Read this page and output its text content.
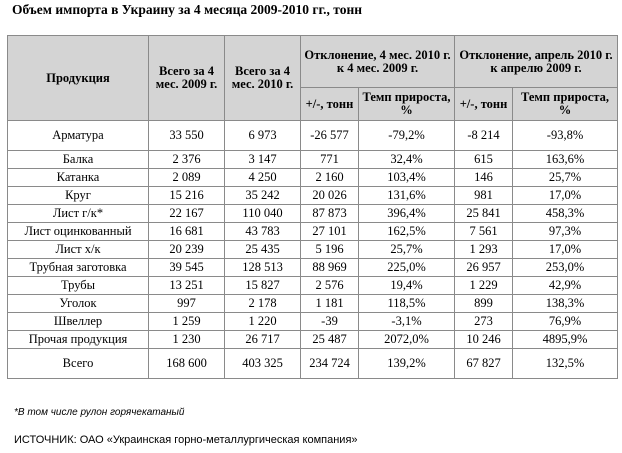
Объем импорта в Украину за 4 месяца 2009-2010 гг., тонн
Продукция	Всего за 4 мес. 2009 г.	Всего за 4 мес. 2010 г.	Отклонение, 4 мес. 2010 г. к 4 мес. 2009 г.		Отклонение, апрель 2010 г. к апрелю 2009 г.	
			+/-, тонн	Темп прироста, %	+/-, тонн	Темп прироста, %
Арматура	33 550	6 973	-26 577	-79,2%	-8 214	-93,8%
Балка	2 376	3 147	771	32,4%	615	163,6%
Катанка	2 089	4 250	2 160	103,4%	146	25,7%
Круг	15 216	35 242	20 026	131,6%	981	17,0%
Лист г/к*	22 167	110 040	87 873	396,4%	25 841	458,3%
Лист оцинкованный	16 681	43 783	27 101	162,5%	7 561	97,3%
Лист х/к	20 239	25 435	5 196	25,7%	1 293	17,0%
Трубная заготовка	39 545	128 513	88 969	225,0%	26 957	253,0%
Трубы	13 251	15 827	2 576	19,4%	1 229	42,9%
Уголок	997	2 178	1 181	118,5%	899	138,3%
Швеллер	1 259	1 220	-39	-3,1%	273	76,9%
Прочая продукция	1 230	26 717	25 487	2072,0%	10 246	4895,9%
Всего	168 600	403 325	234 724	139,2%	67 827	132,5%
*В том числе рулон горячекатаный
ИСТОЧНИК: ОАО «Украинская горно-металлургическая компания»
